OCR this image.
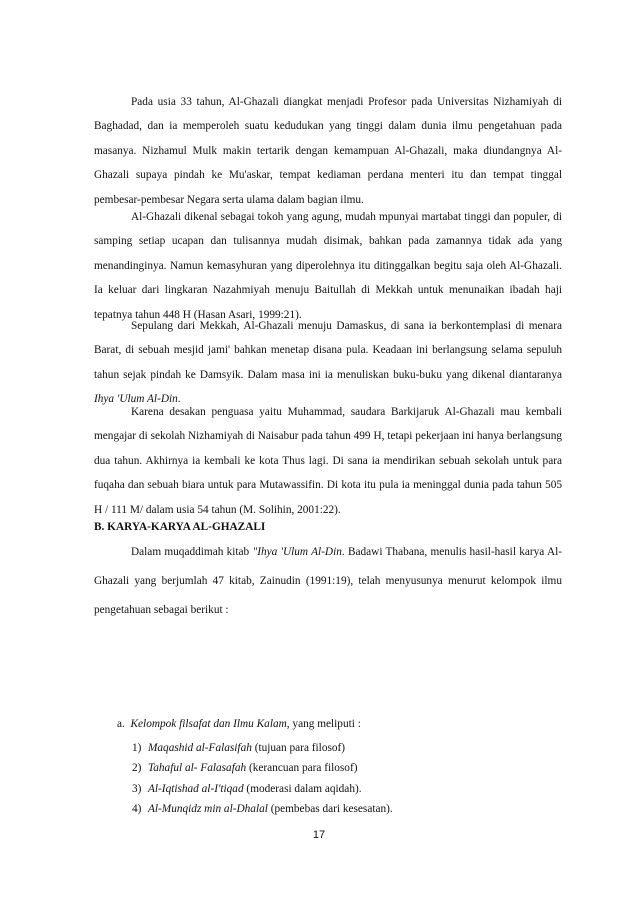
Pada usia 33 tahun, Al-Ghazali diangkat menjadi Profesor pada Universitas Nizhamiyah di Baghadad, dan ia memperoleh suatu kedudukan yang tinggi dalam dunia ilmu pengetahuan pada masanya. Nizhamul Mulk makin tertarik dengan kemampuan Al-Ghazali, maka diundangnya Al-Ghazali supaya pindah ke Mu'askar, tempat kediaman perdana menteri itu dan tempat tinggal pembesar-pembesar Negara serta ulama dalam bagian ilmu.

Al-Ghazali dikenal sebagai tokoh yang agung, mudah mpunyai martabat tinggi dan populer, di samping setiap ucapan dan tulisannya mudah disimak, bahkan pada zamannya tidak ada yang menandinginya. Namun kemasyhuran yang diperolehnya itu ditinggalkan begitu saja oleh Al-Ghazali. Ia keluar dari lingkaran Nazahmiyah menuju Baitullah di Mekkah untuk menunaikan ibadah haji tepatnya tahun 448 H (Hasan Asari, 1999:21).

Sepulang dari Mekkah, Al-Ghazali menuju Damaskus, di sana ia berkontemplasi di menara Barat, di sebuah mesjid jami' bahkan menetap disana pula. Keadaan ini berlangsung selama sepuluh tahun sejak pindah ke Damsyik. Dalam masa ini ia menuliskan buku-buku yang dikenal diantaranya Ihya 'Ulum Al-Din.

Karena desakan penguasa yaitu Muhammad, saudara Barkijaruk Al-Ghazali mau kembali mengajar di sekolah Nizhamiyah di Naisabur pada tahun 499 H, tetapi pekerjaan ini hanya berlangsung dua tahun. Akhirnya ia kembali ke kota Thus lagi. Di sana ia mendirikan sebuah sekolah untuk para fuqaha dan sebuah biara untuk para Mutawassifin. Di kota itu pula ia meninggal dunia pada tahun 505 H / 111 M/ dalam usia 54 tahun (M. Solihin, 2001:22).

B. KARYA-KARYA AL-GHAZALI

Dalam muqaddimah kitab "Ihya 'Ulum Al-Din. Badawi Thabana, menulis hasil-hasil karya Al-Ghazali yang berjumlah 47 kitab, Zainudin (1991:19), telah menyusunya menurut kelompok ilmu pengetahuan sebagai berikut :

a. Kelompok filsafat dan Ilmu Kalam, yang meliputi :

1) Maqashid al-Falasifah (tujuan para filosof)

2) Tahaful al- Falasafah (kerancuan para filosof)

3) Al-Iqtishad al-I'tiqad (moderasi dalam aqidah).

4) Al-Munqidz min al-Dhalal (pembebas dari kesesatan).

17
